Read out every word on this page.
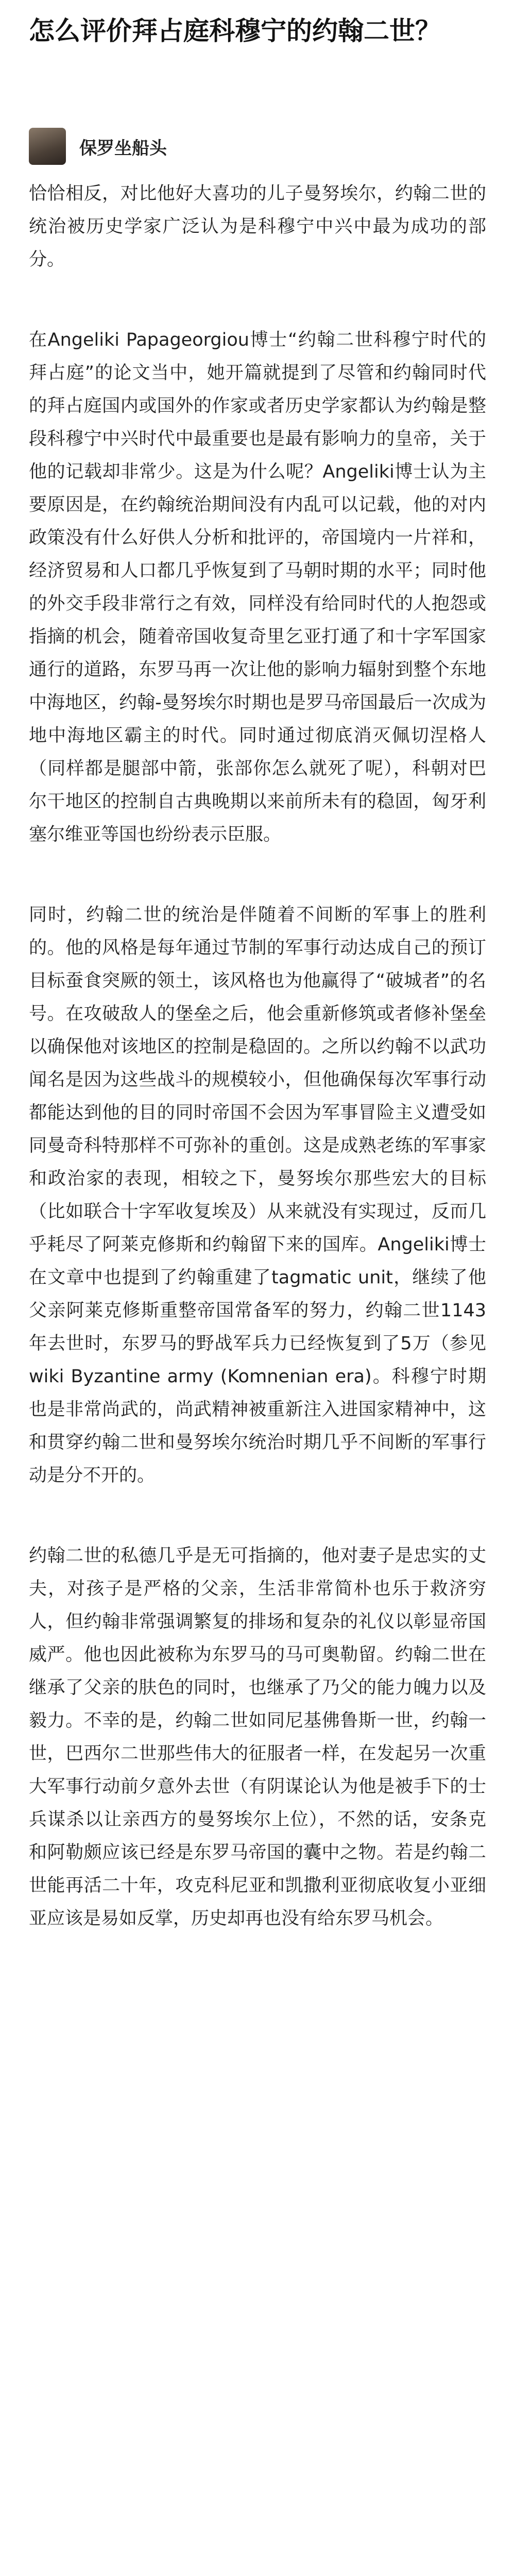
怎么评价拜占庭科穆宁的约翰二世？
保罗坐船头

恰恰相反，对比他好大喜功的儿子曼努埃尔，约翰二世的统治被历史学家广泛认为是科穆宁中兴中最为成功的部分。

在Angeliki Papageorgiou博士“约翰二世科穆宁时代的拜占庭”的论文当中，她开篇就提到了尽管和约翰同时代的拜占庭国内或国外的作家或者历史学家都认为约翰是整段科穆宁中兴时代中最重要也是最有影响力的皇帝，关于他的记载却非常少。这是为什么呢？Angeliki博士认为主要原因是，在约翰统治期间没有内乱可以记载，他的对内政策没有什么好供人分析和批评的，帝国境内一片祥和，经济贸易和人口都几乎恢复到了马朝时期的水平；同时他的外交手段非常行之有效，同样没有给同时代的人抱怨或指摘的机会，随着帝国收复奇里乞亚打通了和十字军国家通行的道路，东罗马再一次让他的影响力辐射到整个东地中海地区，约翰-曼努埃尔时期也是罗马帝国最后一次成为地中海地区霸主的时代。同时通过彻底消灭佩切涅格人（同样都是腿部中箭，张部你怎么就死了呢），科朝对巴尔干地区的控制自古典晚期以来前所未有的稳固，匈牙利塞尔维亚等国也纷纷表示臣服。

同时，约翰二世的统治是伴随着不间断的军事上的胜利的。他的风格是每年通过节制的军事行动达成自己的预订目标蚕食突厥的领土，该风格也为他赢得了“破城者”的名号。在攻破敌人的堡垒之后，他会重新修筑或者修补堡垒以确保他对该地区的控制是稳固的。之所以约翰不以武功闻名是因为这些战斗的规模较小，但他确保每次军事行动都能达到他的目的同时帝国不会因为军事冒险主义遭受如同曼奇科特那样不可弥补的重创。这是成熟老练的军事家和政治家的表现，相较之下，曼努埃尔那些宏大的目标（比如联合十字军收复埃及）从来就没有实现过，反而几乎耗尽了阿莱克修斯和约翰留下来的国库。Angeliki博士在文章中也提到了约翰重建了tagmatic unit，继续了他父亲阿莱克修斯重整帝国常备军的努力，约翰二世1143年去世时，东罗马的野战军兵力已经恢复到了5万（参见wiki Byzantine army (Komnenian era)。科穆宁时期也是非常尚武的，尚武精神被重新注入进国家精神中，这和贯穿约翰二世和曼努埃尔统治时期几乎不间断的军事行动是分不开的。

约翰二世的私德几乎是无可指摘的，他对妻子是忠实的丈夫，对孩子是严格的父亲，生活非常简朴也乐于救济穷人，但约翰非常强调繁复的排场和复杂的礼仪以彰显帝国威严。他也因此被称为东罗马的马可奥勒留。约翰二世在继承了父亲的肤色的同时，也继承了乃父的能力魄力以及毅力。不幸的是，约翰二世如同尼基佛鲁斯一世，约翰一世，巴西尔二世那些伟大的征服者一样，在发起另一次重大军事行动前夕意外去世（有阴谋论认为他是被手下的士兵谋杀以让亲西方的曼努埃尔上位），不然的话，安条克和阿勒颇应该已经是东罗马帝国的囊中之物。若是约翰二世能再活二十年，攻克科尼亚和凯撒利亚彻底收复小亚细亚应该是易如反掌，历史却再也没有给东罗马机会。
